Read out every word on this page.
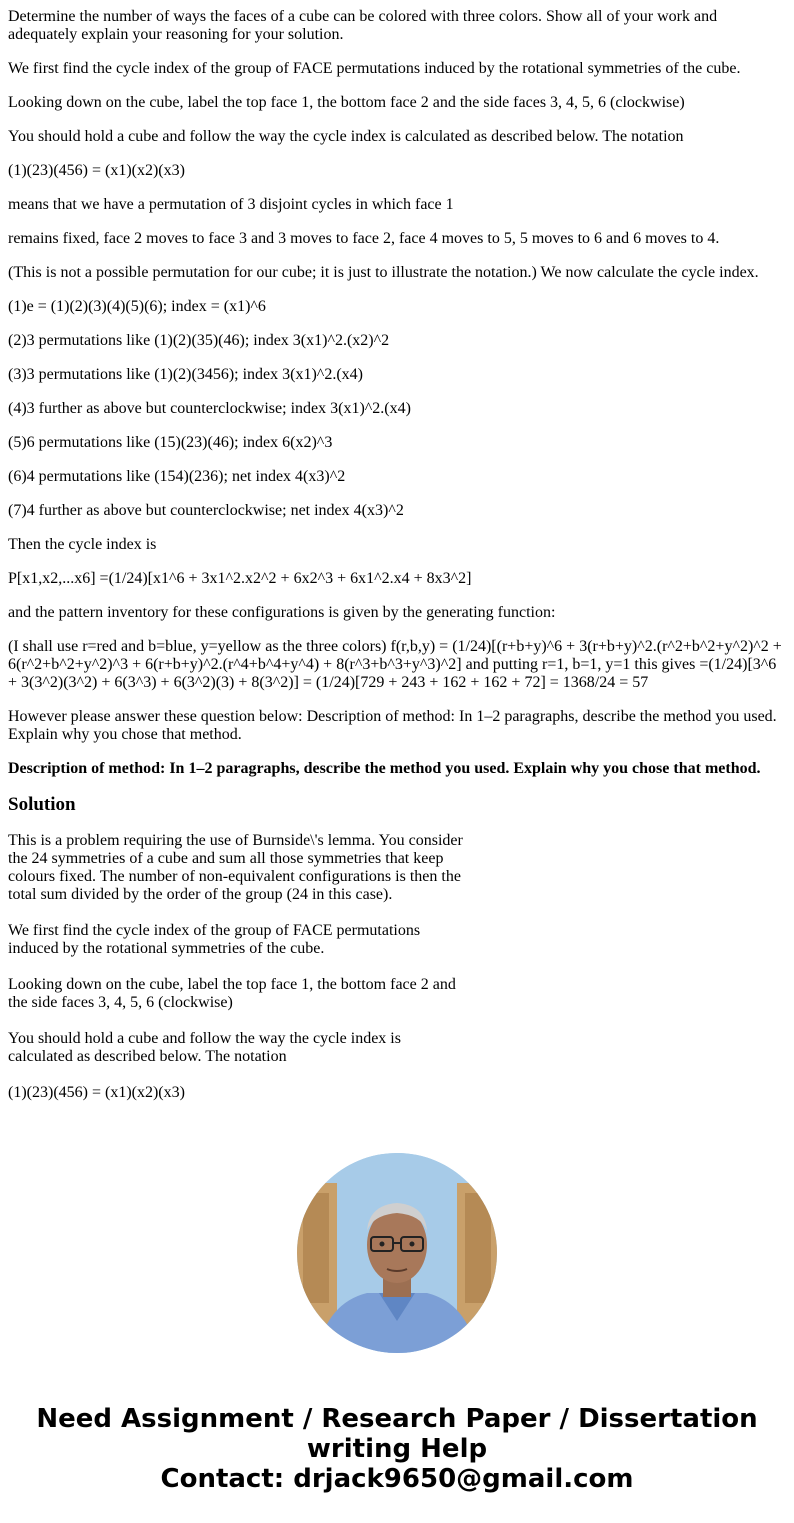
Determine the number of ways the faces of a cube can be colored with three colors. Show all of your work and adequately explain your reasoning for your solution.

We first find the cycle index of the group of FACE permutations induced by the rotational symmetries of the cube.

Looking down on the cube, label the top face 1, the bottom face 2 and the side faces 3, 4, 5, 6 (clockwise)

You should hold a cube and follow the way the cycle index is calculated as described below. The notation

(1)(23)(456) = (x1)(x2)(x3)

means that we have a permutation of 3 disjoint cycles in which face 1

remains fixed, face 2 moves to face 3 and 3 moves to face 2, face 4 moves to 5, 5 moves to 6 and 6 moves to 4.

(This is not a possible permutation for our cube; it is just to illustrate the notation.) We now calculate the cycle index.

(1)e = (1)(2)(3)(4)(5)(6); index = (x1)^6

(2)3 permutations like (1)(2)(35)(46); index 3(x1)^2.(x2)^2

(3)3 permutations like (1)(2)(3456); index 3(x1)^2.(x4)

(4)3 further as above but counterclockwise; index 3(x1)^2.(x4)

(5)6 permutations like (15)(23)(46); index 6(x2)^3

(6)4 permutations like (154)(236); net index 4(x3)^2

(7)4 further as above but counterclockwise; net index 4(x3)^2

Then the cycle index is

P[x1,x2,...x6] =(1/24)[x1^6 + 3x1^2.x2^2 + 6x2^3 + 6x1^2.x4 + 8x3^2]

and the pattern inventory for these configurations is given by the generating function:

(I shall use r=red and b=blue, y=yellow as the three colors) f(r,b,y) = (1/24)[(r+b+y)^6 + 3(r+b+y)^2.(r^2+b^2+y^2)^2 + 6(r^2+b^2+y^2)^3 + 6(r+b+y)^2.(r^4+b^4+y^4) + 8(r^3+b^3+y^3)^2] and putting r=1, b=1, y=1 this gives =(1/24)[3^6 + 3(3^2)(3^2) + 6(3^3) + 6(3^2)(3) + 8(3^2)] = (1/24)[729 + 243 + 162 + 162 + 72] = 1368/24 = 57

However please answer these question below: Description of method: In 1–2 paragraphs, describe the method you used. Explain why you chose that method.

Description of method: In 1–2 paragraphs, describe the method you used. Explain why you chose that method.

Solution

This is a problem requiring the use of Burnside\'s lemma. You consider the 24 symmetries of a cube and sum all those symmetries that keep colours fixed. The number of non-equivalent configurations is then the total sum divided by the order of the group (24 in this case).

We first find the cycle index of the group of FACE permutations induced by the rotational symmetries of the cube.

Looking down on the cube, label the top face 1, the bottom face 2 and the side faces 3, 4, 5, 6 (clockwise)

You should hold a cube and follow the way the cycle index is calculated as described below. The notation

(1)(23)(456) = (x1)(x2)(x3)

Need Assignment / Research Paper / Dissertation
writing Help
Contact: drjack9650@gmail.com
